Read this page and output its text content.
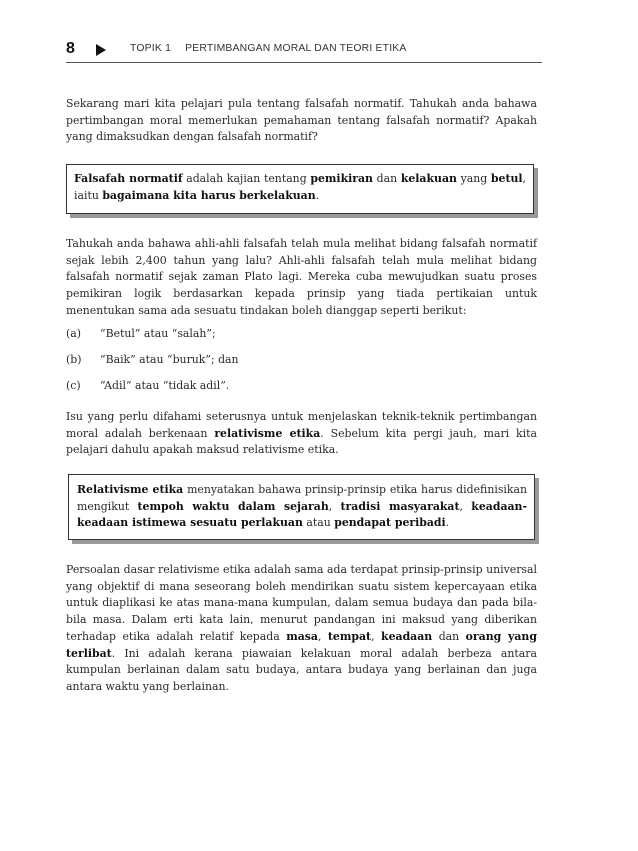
8	TOPIK 1 PERTIMBANGAN MORAL DAN TEORI ETIKA

Sekarang mari kita pelajari pula tentang falsafah normatif. Tahukah anda bahawa pertimbangan moral memerlukan pemahaman tentang falsafah normatif? Apakah yang dimaksudkan dengan falsafah normatif?

Falsafah normatif adalah kajian tentang pemikiran dan kelakuan yang betul, iaitu bagaimana kita harus berkelakuan.

Tahukah anda bahawa ahli-ahli falsafah telah mula melihat bidang falsafah normatif sejak lebih 2,400 tahun yang lalu? Ahli-ahli falsafah telah mula melihat bidang falsafah normatif sejak zaman Plato lagi. Mereka cuba mewujudkan suatu proses pemikiran logik berdasarkan kepada prinsip yang tiada pertikaian untuk menentukan sama ada sesuatu tindakan boleh dianggap seperti berikut:

(a) “Betul” atau “salah”;
(b) “Baik” atau “buruk”; dan
(c) “Adil” atau “tidak adil”.

Isu yang perlu difahami seterusnya untuk menjelaskan teknik-teknik pertimbangan moral adalah berkenaan relativisme etika. Sebelum kita pergi jauh, mari kita pelajari dahulu apakah maksud relativisme etika.

Relativisme etika menyatakan bahawa prinsip-prinsip etika harus didefinisikan mengikut tempoh waktu dalam sejarah, tradisi masyarakat, keadaan-keadaan istimewa sesuatu perlakuan atau pendapat peribadi.

Persoalan dasar relativisme etika adalah sama ada terdapat prinsip-prinsip universal yang objektif di mana seseorang boleh mendirikan suatu sistem kepercayaan etika untuk diaplikasi ke atas mana-mana kumpulan, dalam semua budaya dan pada bila-bila masa. Dalam erti kata lain, menurut pandangan ini maksud yang diberikan terhadap etika adalah relatif kepada masa, tempat, keadaan dan orang yang terlibat. Ini adalah kerana piawaian kelakuan moral adalah berbeza antara kumpulan berlainan dalam satu budaya, antara budaya yang berlainan dan juga antara waktu yang berlainan.
